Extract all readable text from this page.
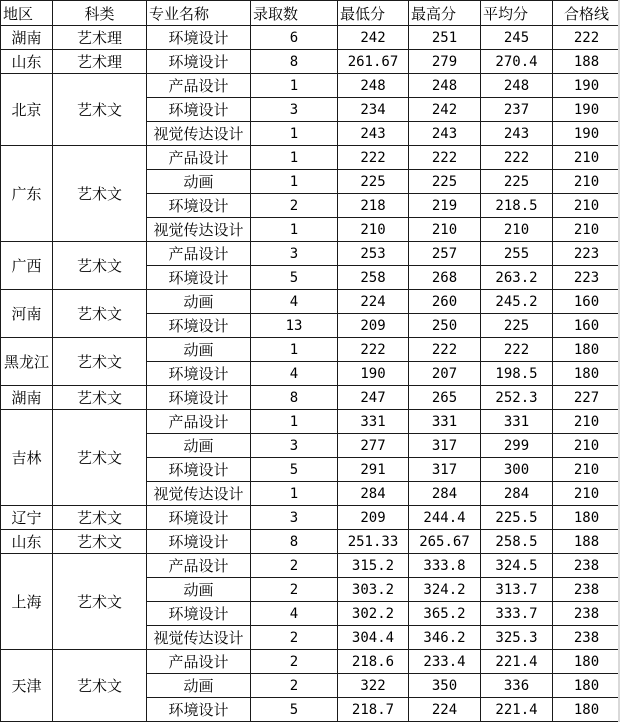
地区	科类	专业名称	录取数	最低分	最高分	平均分	合格线
湖南	艺术理	环境设计	6	242	251	245	222
山东	艺术理	环境设计	8	261.67	279	270.4	188
北京	艺术文	产品设计	1	248	248	248	190
		环境设计	3	234	242	237	190
		视觉传达设计	1	243	243	243	190
广东	艺术文	产品设计	1	222	222	222	210
		动画	1	225	225	225	210
		环境设计	2	218	219	218.5	210
		视觉传达设计	1	210	210	210	210
广西	艺术文	产品设计	3	253	257	255	223
		环境设计	5	258	268	263.2	223
河南	艺术文	动画	4	224	260	245.2	160
		环境设计	13	209	250	225	160
黑龙江	艺术文	动画	1	222	222	222	180
		环境设计	4	190	207	198.5	180
湖南	艺术文	环境设计	8	247	265	252.3	227
吉林	艺术文	产品设计	1	331	331	331	210
		动画	3	277	317	299	210
		环境设计	5	291	317	300	210
		视觉传达设计	1	284	284	284	210
辽宁	艺术文	环境设计	3	209	244.4	225.5	180
山东	艺术文	环境设计	8	251.33	265.67	258.5	188
上海	艺术文	产品设计	2	315.2	333.8	324.5	238
		动画	2	303.2	324.2	313.7	238
		环境设计	4	302.2	365.2	333.7	238
		视觉传达设计	2	304.4	346.2	325.3	238
天津	艺术文	产品设计	2	218.6	233.4	221.4	180
		动画	2	322	350	336	180
		环境设计	5	218.7	224	221.4	180
